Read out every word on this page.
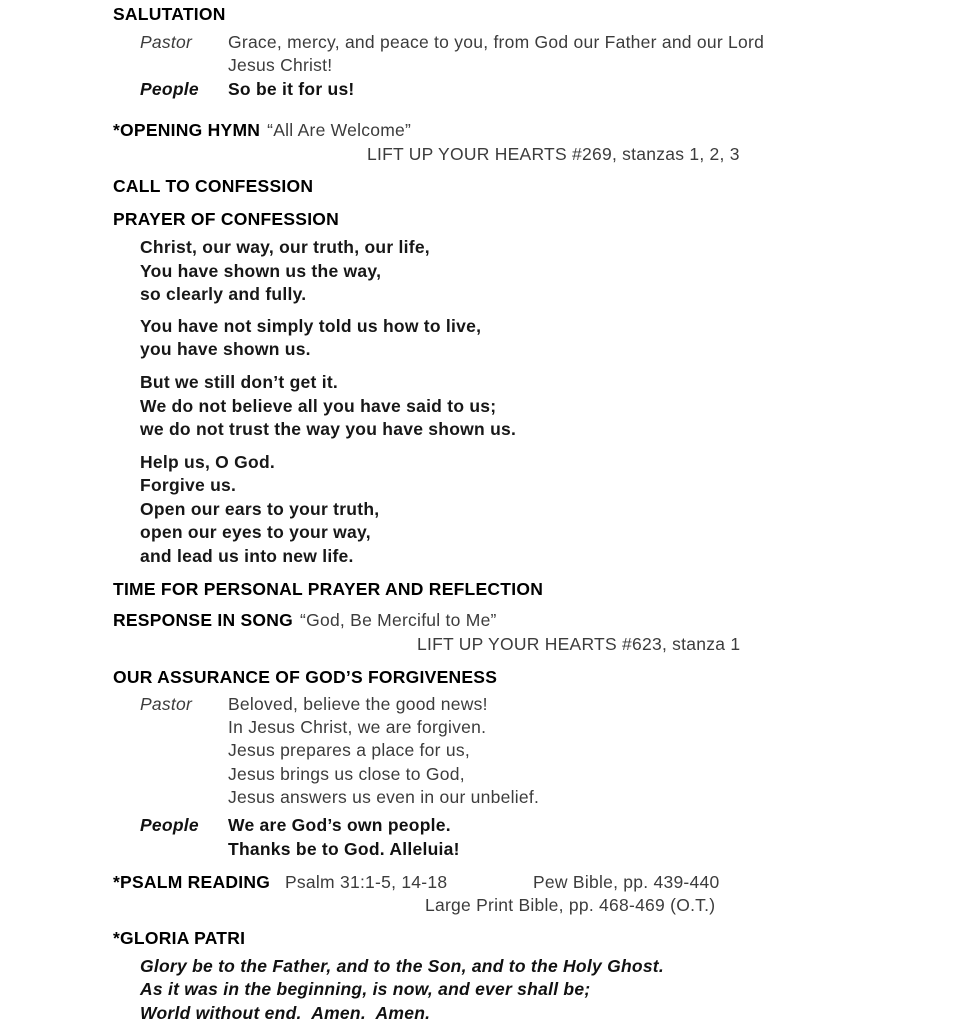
SALUTATION
Pastor	Grace, mercy, and peace to you, from God our Father and our Lord
Jesus Christ!
People	So be it for us!
*OPENING HYMN “All Are Welcome”
LIFT UP YOUR HEARTS #269, stanzas 1, 2, 3
CALL TO CONFESSION
PRAYER OF CONFESSION
Christ, our way, our truth, our life,
You have shown us the way,
so clearly and fully.
You have not simply told us how to live,
you have shown us.
But we still don’t get it.
We do not believe all you have said to us;
we do not trust the way you have shown us.
Help us, O God.
Forgive us.
Open our ears to your truth,
open our eyes to your way,
and lead us into new life.
TIME FOR PERSONAL PRAYER AND REFLECTION
RESPONSE IN SONG “God, Be Merciful to Me”
LIFT UP YOUR HEARTS #623, stanza 1
OUR ASSURANCE OF GOD’S FORGIVENESS
Pastor	Beloved, believe the good news!
In Jesus Christ, we are forgiven.
Jesus prepares a place for us,
Jesus brings us close to God,
Jesus answers us even in our unbelief.
People	We are God’s own people.
Thanks be to God. Alleluia!
*PSALM READING Psalm 31:1-5, 14-18	Pew Bible, pp. 439-440
Large Print Bible, pp. 468-469 (O.T.)
*GLORIA PATRI
Glory be to the Father, and to the Son, and to the Holy Ghost.
As it was in the beginning, is now, and ever shall be;
World without end.  Amen.  Amen.
